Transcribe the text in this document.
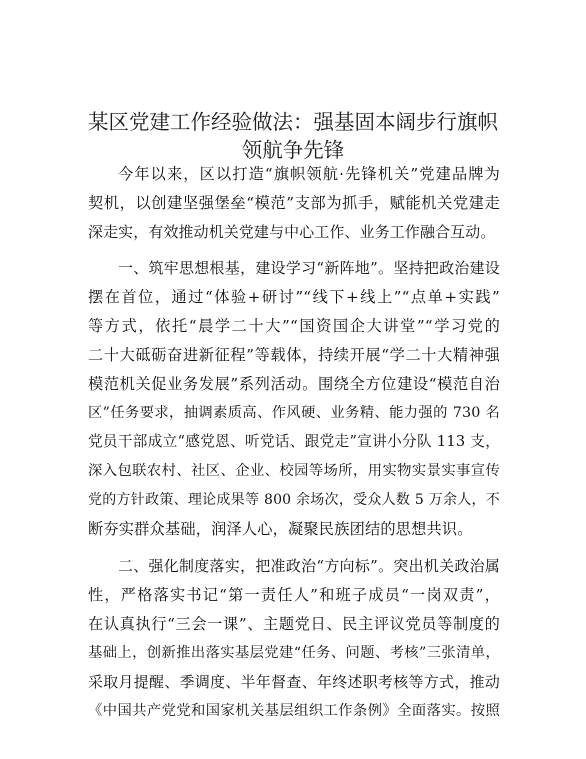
某区党建工作经验做法：强基固本阔步行旗帜
领航争先锋
今年以来，区以打造“旗帜领航·先锋机关”党建品牌为
契机，以创建坚强堡垒“模范”支部为抓手，赋能机关党建走
深走实，有效推动机关党建与中心工作、业务工作融合互动。
一、筑牢思想根基，建设学习“新阵地”。坚持把政治建设
摆在首位，通过“体验+研讨”“线下+线上”“点单+实践”
等方式，依托“晨学二十大”“国资国企大讲堂”“学习党的
二十大砥砺奋进新征程”等载体，持续开展“学二十大精神强
模范机关促业务发展”系列活动。围绕全方位建设“模范自治
区”任务要求，抽调素质高、作风硬、业务精、能力强的 730 名
党员干部成立“感党恩、听党话、跟党走”宣讲小分队 113 支，
深入包联农村、社区、企业、校园等场所，用实物实景实事宣传
党的方针政策、理论成果等 800 余场次，受众人数 5 万余人，不
断夯实群众基础，润泽人心，凝聚民族团结的思想共识。
二、强化制度落实，把准政治“方向标”。突出机关政治属
性，严格落实书记“第一责任人”和班子成员“一岗双责”，
在认真执行“三会一课”、主题党日、民主评议党员等制度的
基础上，创新推出落实基层党建“任务、问题、考核”三张清单，
采取月提醒、季调度、半年督查、年终述职考核等方式，推动
《中国共产党党和国家机关基层组织工作条例》全面落实。按照
